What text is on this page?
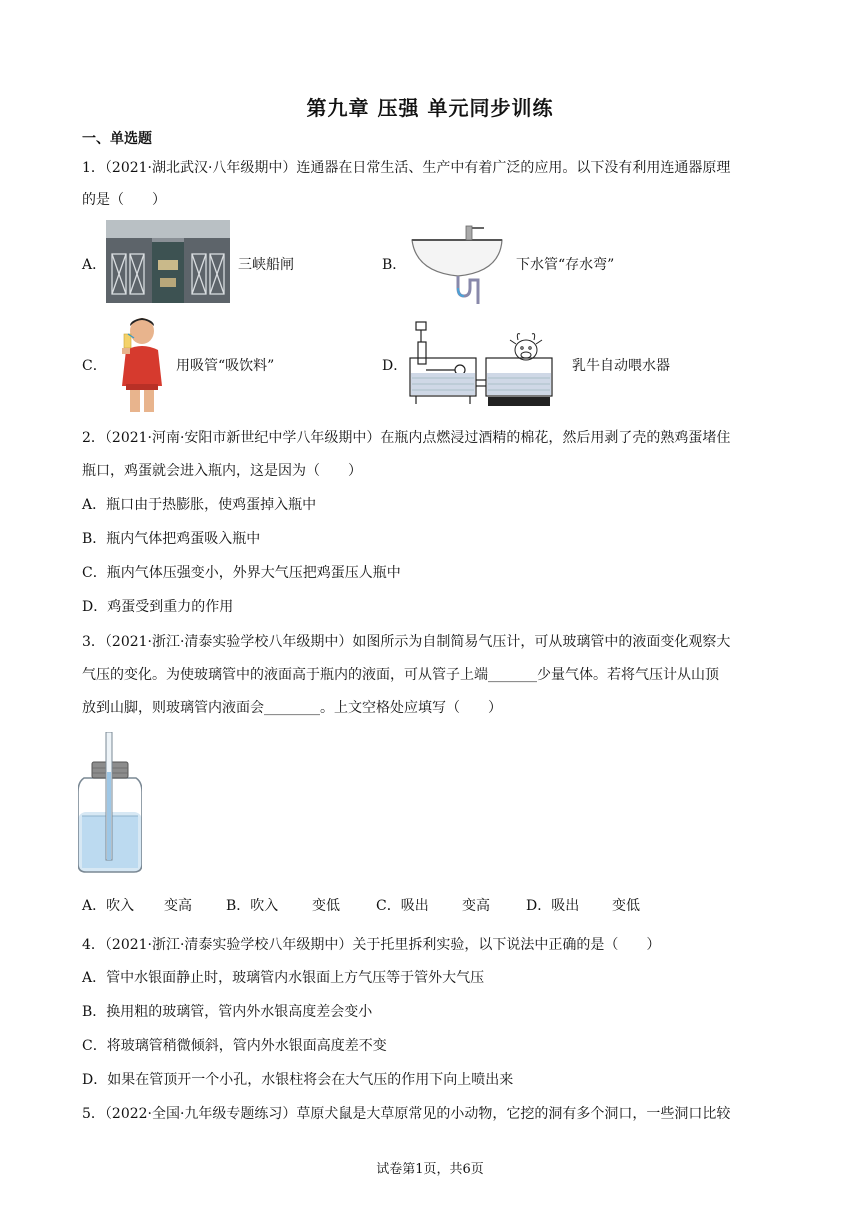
第九章 压强 单元同步训练
一、单选题
1．（2021·湖北武汉·八年级期中）连通器在日常生活、生产中有着广泛的应用。以下没有利用连通器原理
的是（　　）
A．	三峡船闸	B．	下水管“存水弯”
C．	用吸管“吸饮料”	D．	乳牛自动喂水器
2．（2021·河南·安阳市新世纪中学八年级期中）在瓶内点燃浸过酒精的棉花，然后用剥了壳的熟鸡蛋堵住
瓶口，鸡蛋就会进入瓶内，这是因为（　　）
A．瓶口由于热膨胀，使鸡蛋掉入瓶中
B．瓶内气体把鸡蛋吸入瓶中
C．瓶内气体压强变小，外界大气压把鸡蛋压人瓶中
D．鸡蛋受到重力的作用
3．（2021·浙江·清泰实验学校八年级期中）如图所示为自制简易气压计，可从玻璃管中的液面变化观察大
气压的变化。为使玻璃管中的液面高于瓶内的液面，可从管子上端_______少量气体。若将气压计从山顶
放到山脚，则玻璃管内液面会________。上文空格处应填写（　　）
A．吹入 变高 B．吹入 变低	C．吸出 变高	D．吸出 变低
4．（2021·浙江·清泰实验学校八年级期中）关于托里拆利实验，以下说法中正确的是（　　）
A．管中水银面静止时，玻璃管内水银面上方气压等于管外大气压
B．换用粗的玻璃管，管内外水银高度差会变小
C．将玻璃管稍微倾斜，管内外水银面高度差不变
D．如果在管顶开一个小孔，水银柱将会在大气压的作用下向上喷出来
5．（2022·全国·九年级专题练习）草原犬鼠是大草原常见的小动物，它挖的洞有多个洞口，一些洞口比较
试卷第1页，共6页
